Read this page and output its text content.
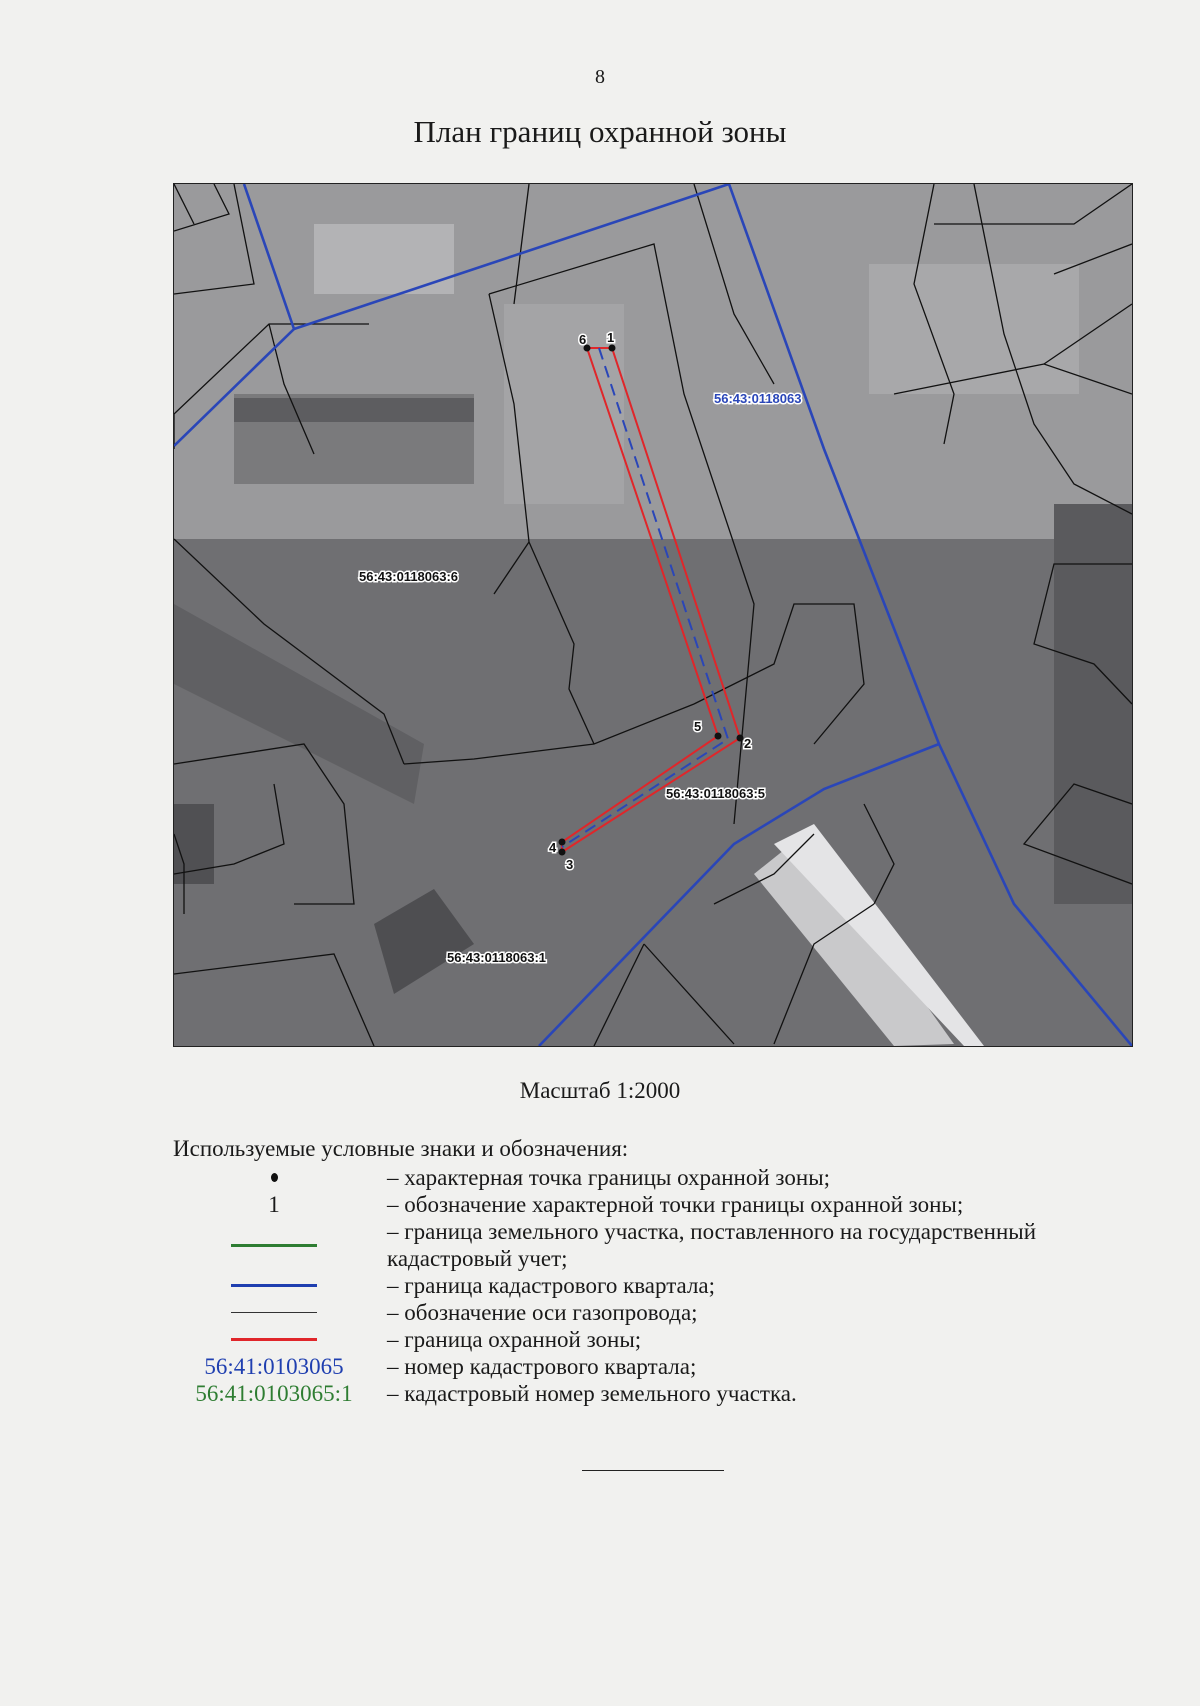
8
План границ охранной зоны
1
2
3
4
5
6
56:43:0118063
56:43:0118063:6
56:43:0118063:5
56:43:0118063:1
Масштаб 1:2000
Используемые условные знаки и обозначения:
– характерная точка границы охранной зоны;
1	– обозначение характерной точки границы охранной зоны;
– граница земельного участка, поставленного на государственный кадастровый учет;
– граница кадастрового квартала;
– обозначение оси газопровода;
– граница охранной зоны;
56:41:0103065	– номер кадастрового квартала;
56:41:0103065:1	– кадастровый номер земельного участка.
